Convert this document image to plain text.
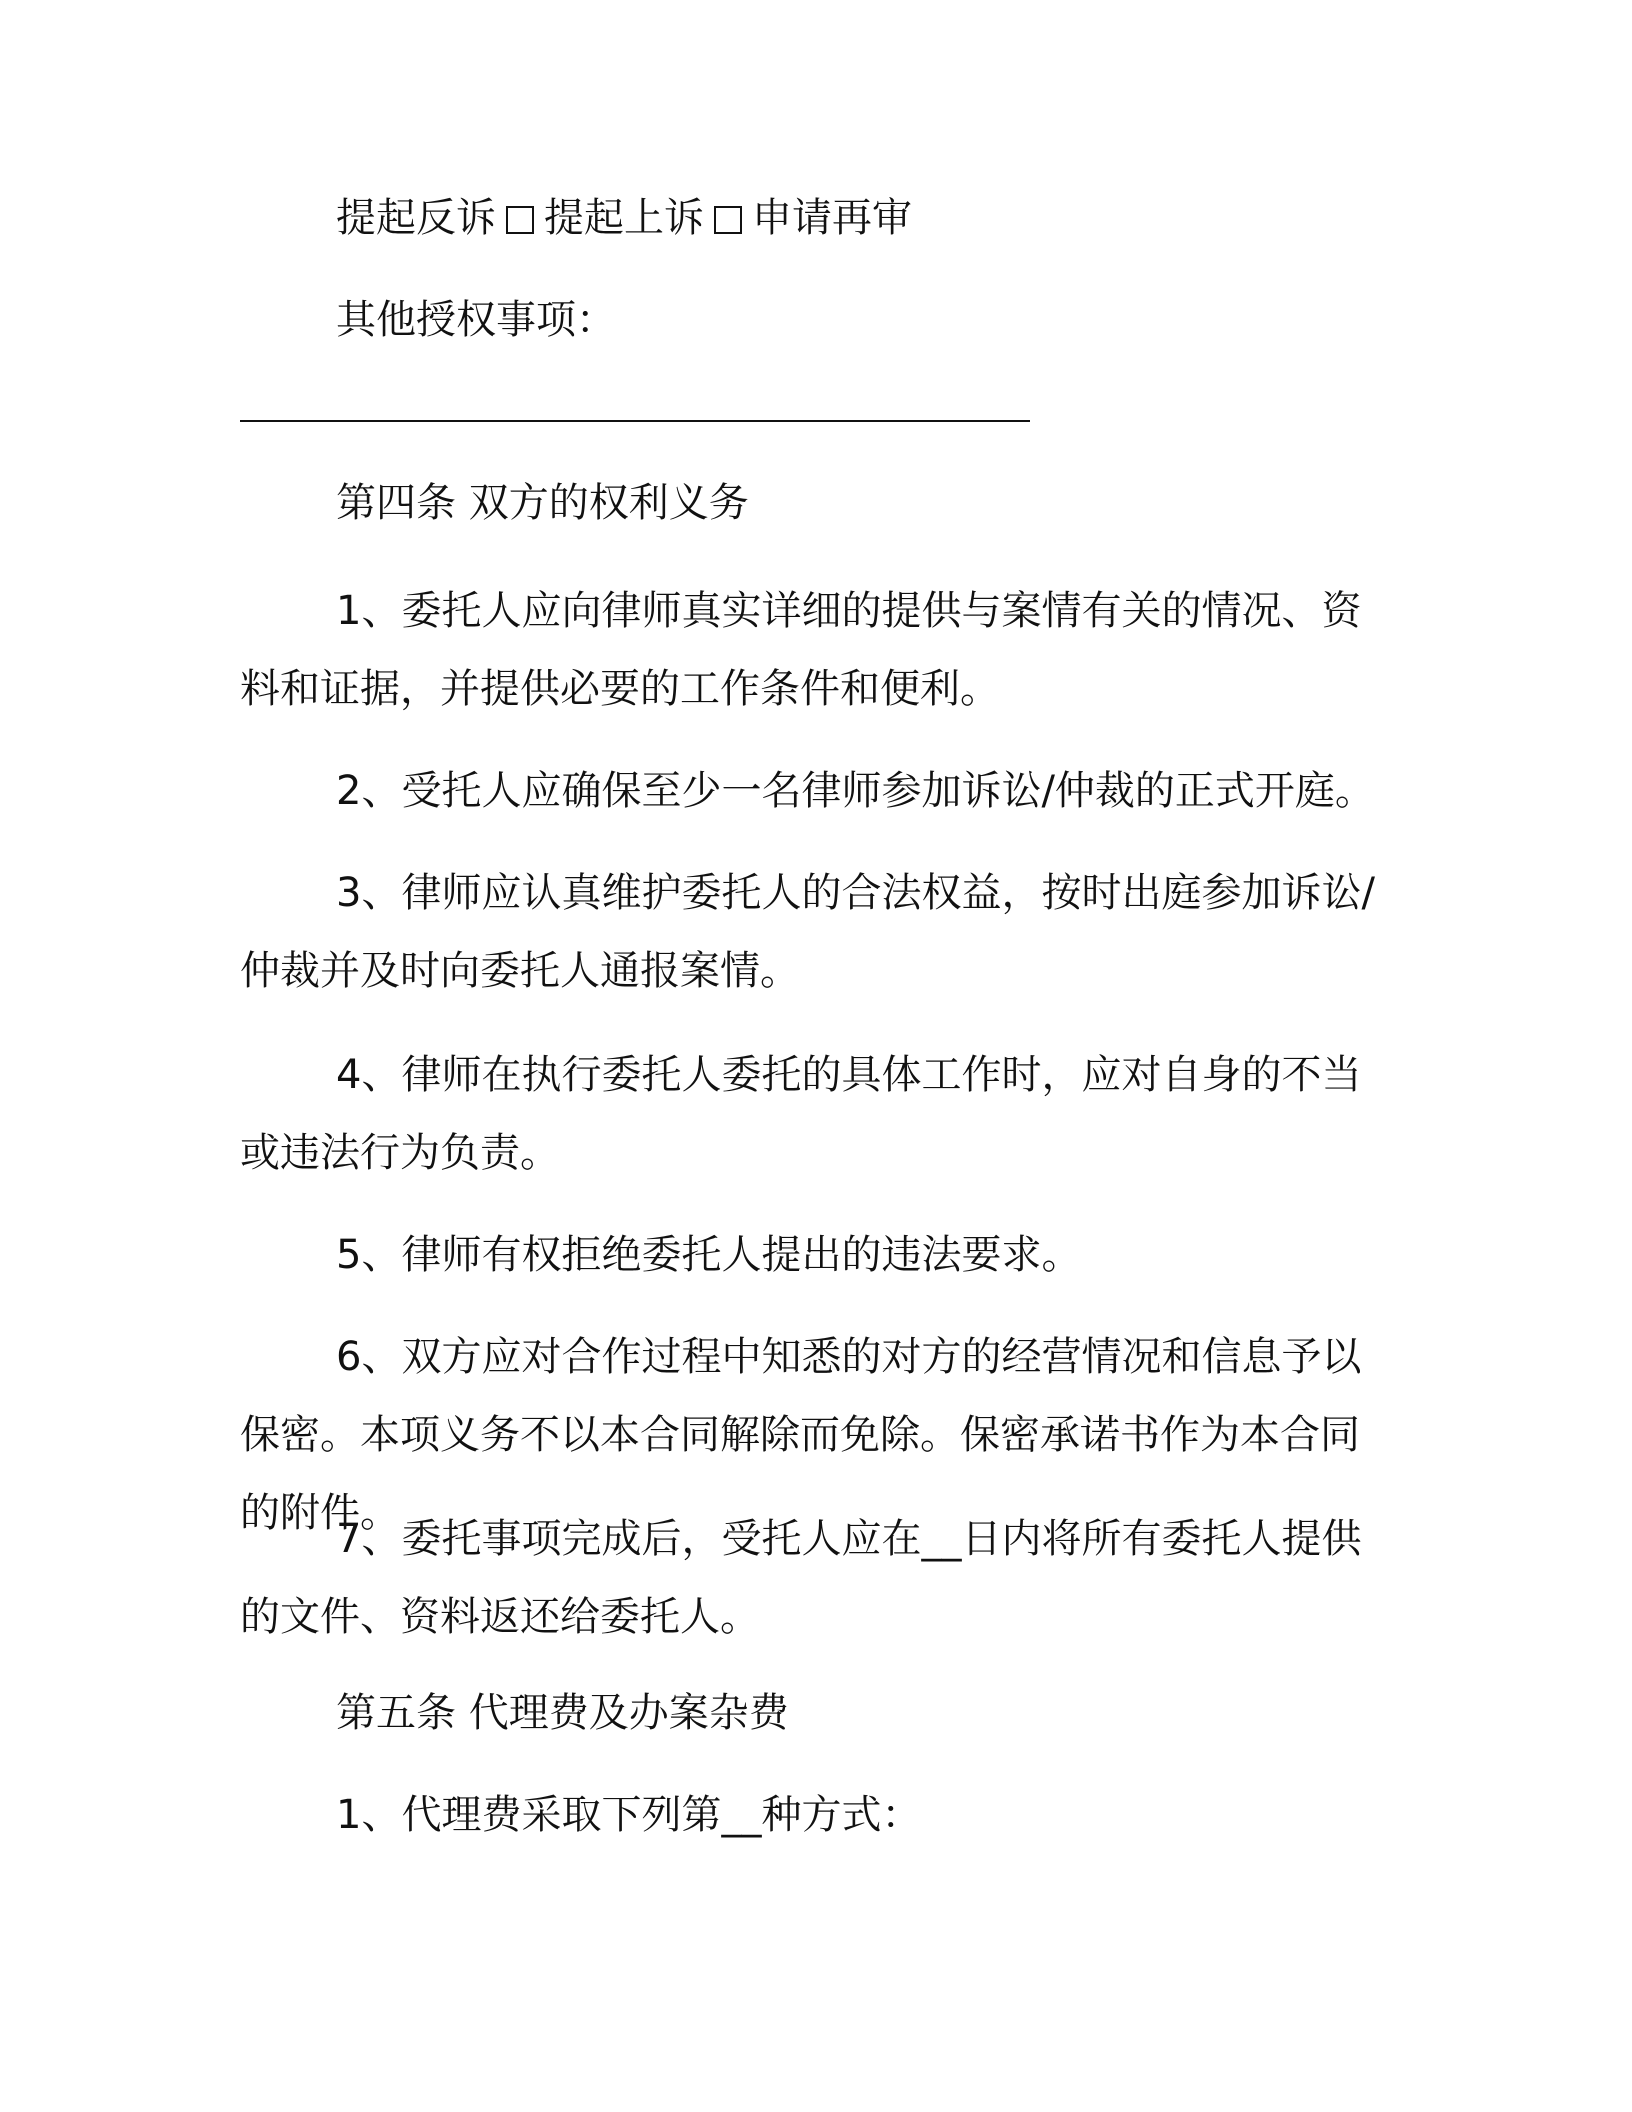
提起反诉 提起上诉 申请再审

其他授权事项：

第四条 双方的权利义务

1、委托人应向律师真实详细的提供与案情有关的情况、资料和证据，并提供必要的工作条件和便利。

2、受托人应确保至少一名律师参加诉讼/仲裁的正式开庭。

3、律师应认真维护委托人的合法权益，按时出庭参加诉讼/仲裁并及时向委托人通报案情。

4、律师在执行委托人委托的具体工作时，应对自身的不当或违法行为负责。

5、律师有权拒绝委托人提出的违法要求。

6、双方应对合作过程中知悉的对方的经营情况和信息予以保密。本项义务不以本合同解除而免除。保密承诺书作为本合同的附件。

7、委托事项完成后，受托人应在__日内将所有委托人提供的文件、资料返还给委托人。

第五条 代理费及办案杂费

1、代理费采取下列第__种方式：
